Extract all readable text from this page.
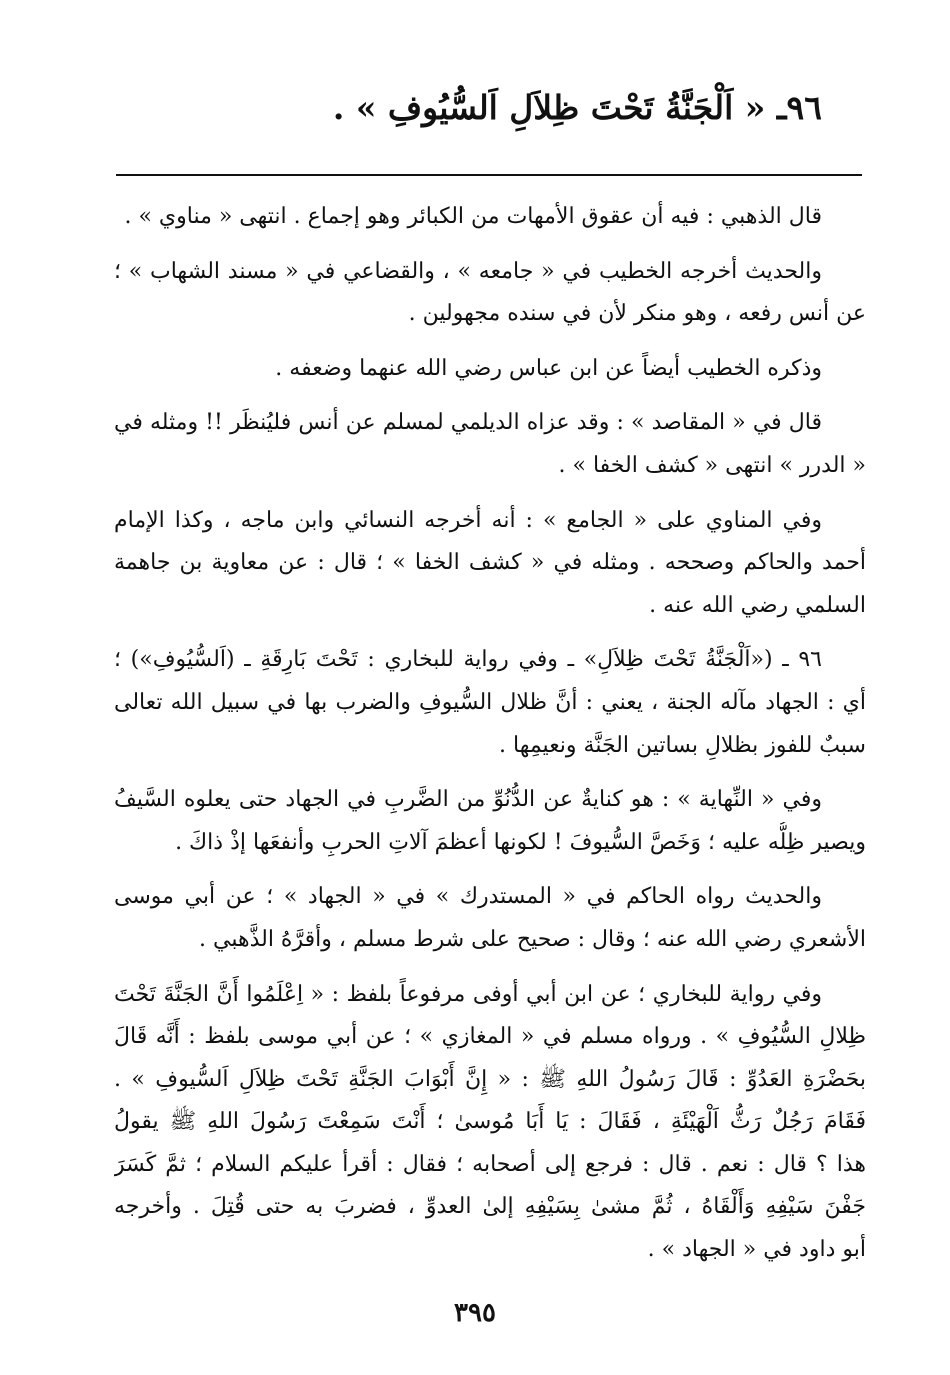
٩٦ـ « اَلْجَنَّةُ تَحْتَ ظِلاَلِ اَلسُّيُوفِ » .

قال الذهبي : فيه أن عقوق الأمهات من الكبائر وهو إجماع . انتهى « مناوي » .

والحديث أخرجه الخطيب في « جامعه » ، والقضاعي في « مسند الشهاب » ؛
عن أنس رفعه ، وهو منكر لأن في سنده مجهولين .

وذكره الخطيب أيضاً عن ابن عباس رضي الله عنهما وضعفه .

قال في « المقاصد » : وقد عزاه الديلمي لمسلم عن أنس فليُنظَر !! ومثله في
« الدرر » انتهى « كشف الخفا » .

وفي المناوي على « الجامع » : أنه أخرجه النسائي وابن ماجه ، وكذا الإمام
أحمد والحاكم وصححه . ومثله في « كشف الخفا » ؛ قال : عن معاوية بن جاهمة
السلمي رضي الله عنه .

٩٦ ـ («اَلْجَنَّةُ تَحْتَ ظِلاَلِ» ـ وفي رواية للبخاري : تَحْتَ بَارِقَةِ ـ (اَلسُّيُوفِ») ؛
أي : الجهاد مآله الجنة ، يعني : أنَّ ظلال السُّيوفِ والضرب بها في سبيل الله تعالى
سببٌ للفوز بظلالِ بساتين الجَنَّة ونعيمِها .

وفي « النِّهاية » : هو كنايةٌ عن الدُّنُوِّ من الضَّربِ في الجهاد حتى يعلوه السَّيفُ
ويصير ظِلُّه عليه ؛ وَخَصَّ السُّيوفَ ! لكونها أعظمَ آلاتِ الحربِ وأنفعَها إذْ ذاكَ .

والحديث رواه الحاكم في « المستدرك » في « الجهاد » ؛ عن أبي موسى
الأشعري رضي الله عنه ؛ وقال : صحيح على شرط مسلم ، وأقرَّهُ الذَّهبي .

وفي رواية للبخاري ؛ عن ابن أبي أوفى مرفوعاً بلفظ : « اِعْلَمُوا أَنَّ الجَنَّةَ تَحْتَ
ظِلالِ السُّيُوفِ » . ورواه مسلم في « المغازي » ؛ عن أبي موسى بلفظ : أَنَّه قَالَ
بحَضْرَةِ العَدُوِّ : قَالَ رَسُولُ اللهِ ﷺ : « إِنَّ أَبْوَابَ الجَنَّةِ تَحْتَ ظِلاَلِ اَلسُّيوفِ » .
فَقَامَ رَجُلٌ رَثُّ اَلْهَيْئَةِ ، فَقَالَ : يَا أَبَا مُوسىٰ ؛ أَنْتَ سَمِعْتَ رَسُولَ اللهِ ﷺ يقولُ
هذا ؟ قال : نعم . قال : فرجع إلى أصحابه ؛ فقال : أقرأ عليكم السلام ؛ ثمَّ كَسَرَ
جَفْنَ سَيْفِهِ وَأَلْقَاهُ ، ثُمَّ مشىٰ بِسَيْفِهِ إلىٰ العدوِّ ، فضربَ به حتى قُتِلَ . وأخرجه
أبو داود في « الجهاد » .

٣٩٥
